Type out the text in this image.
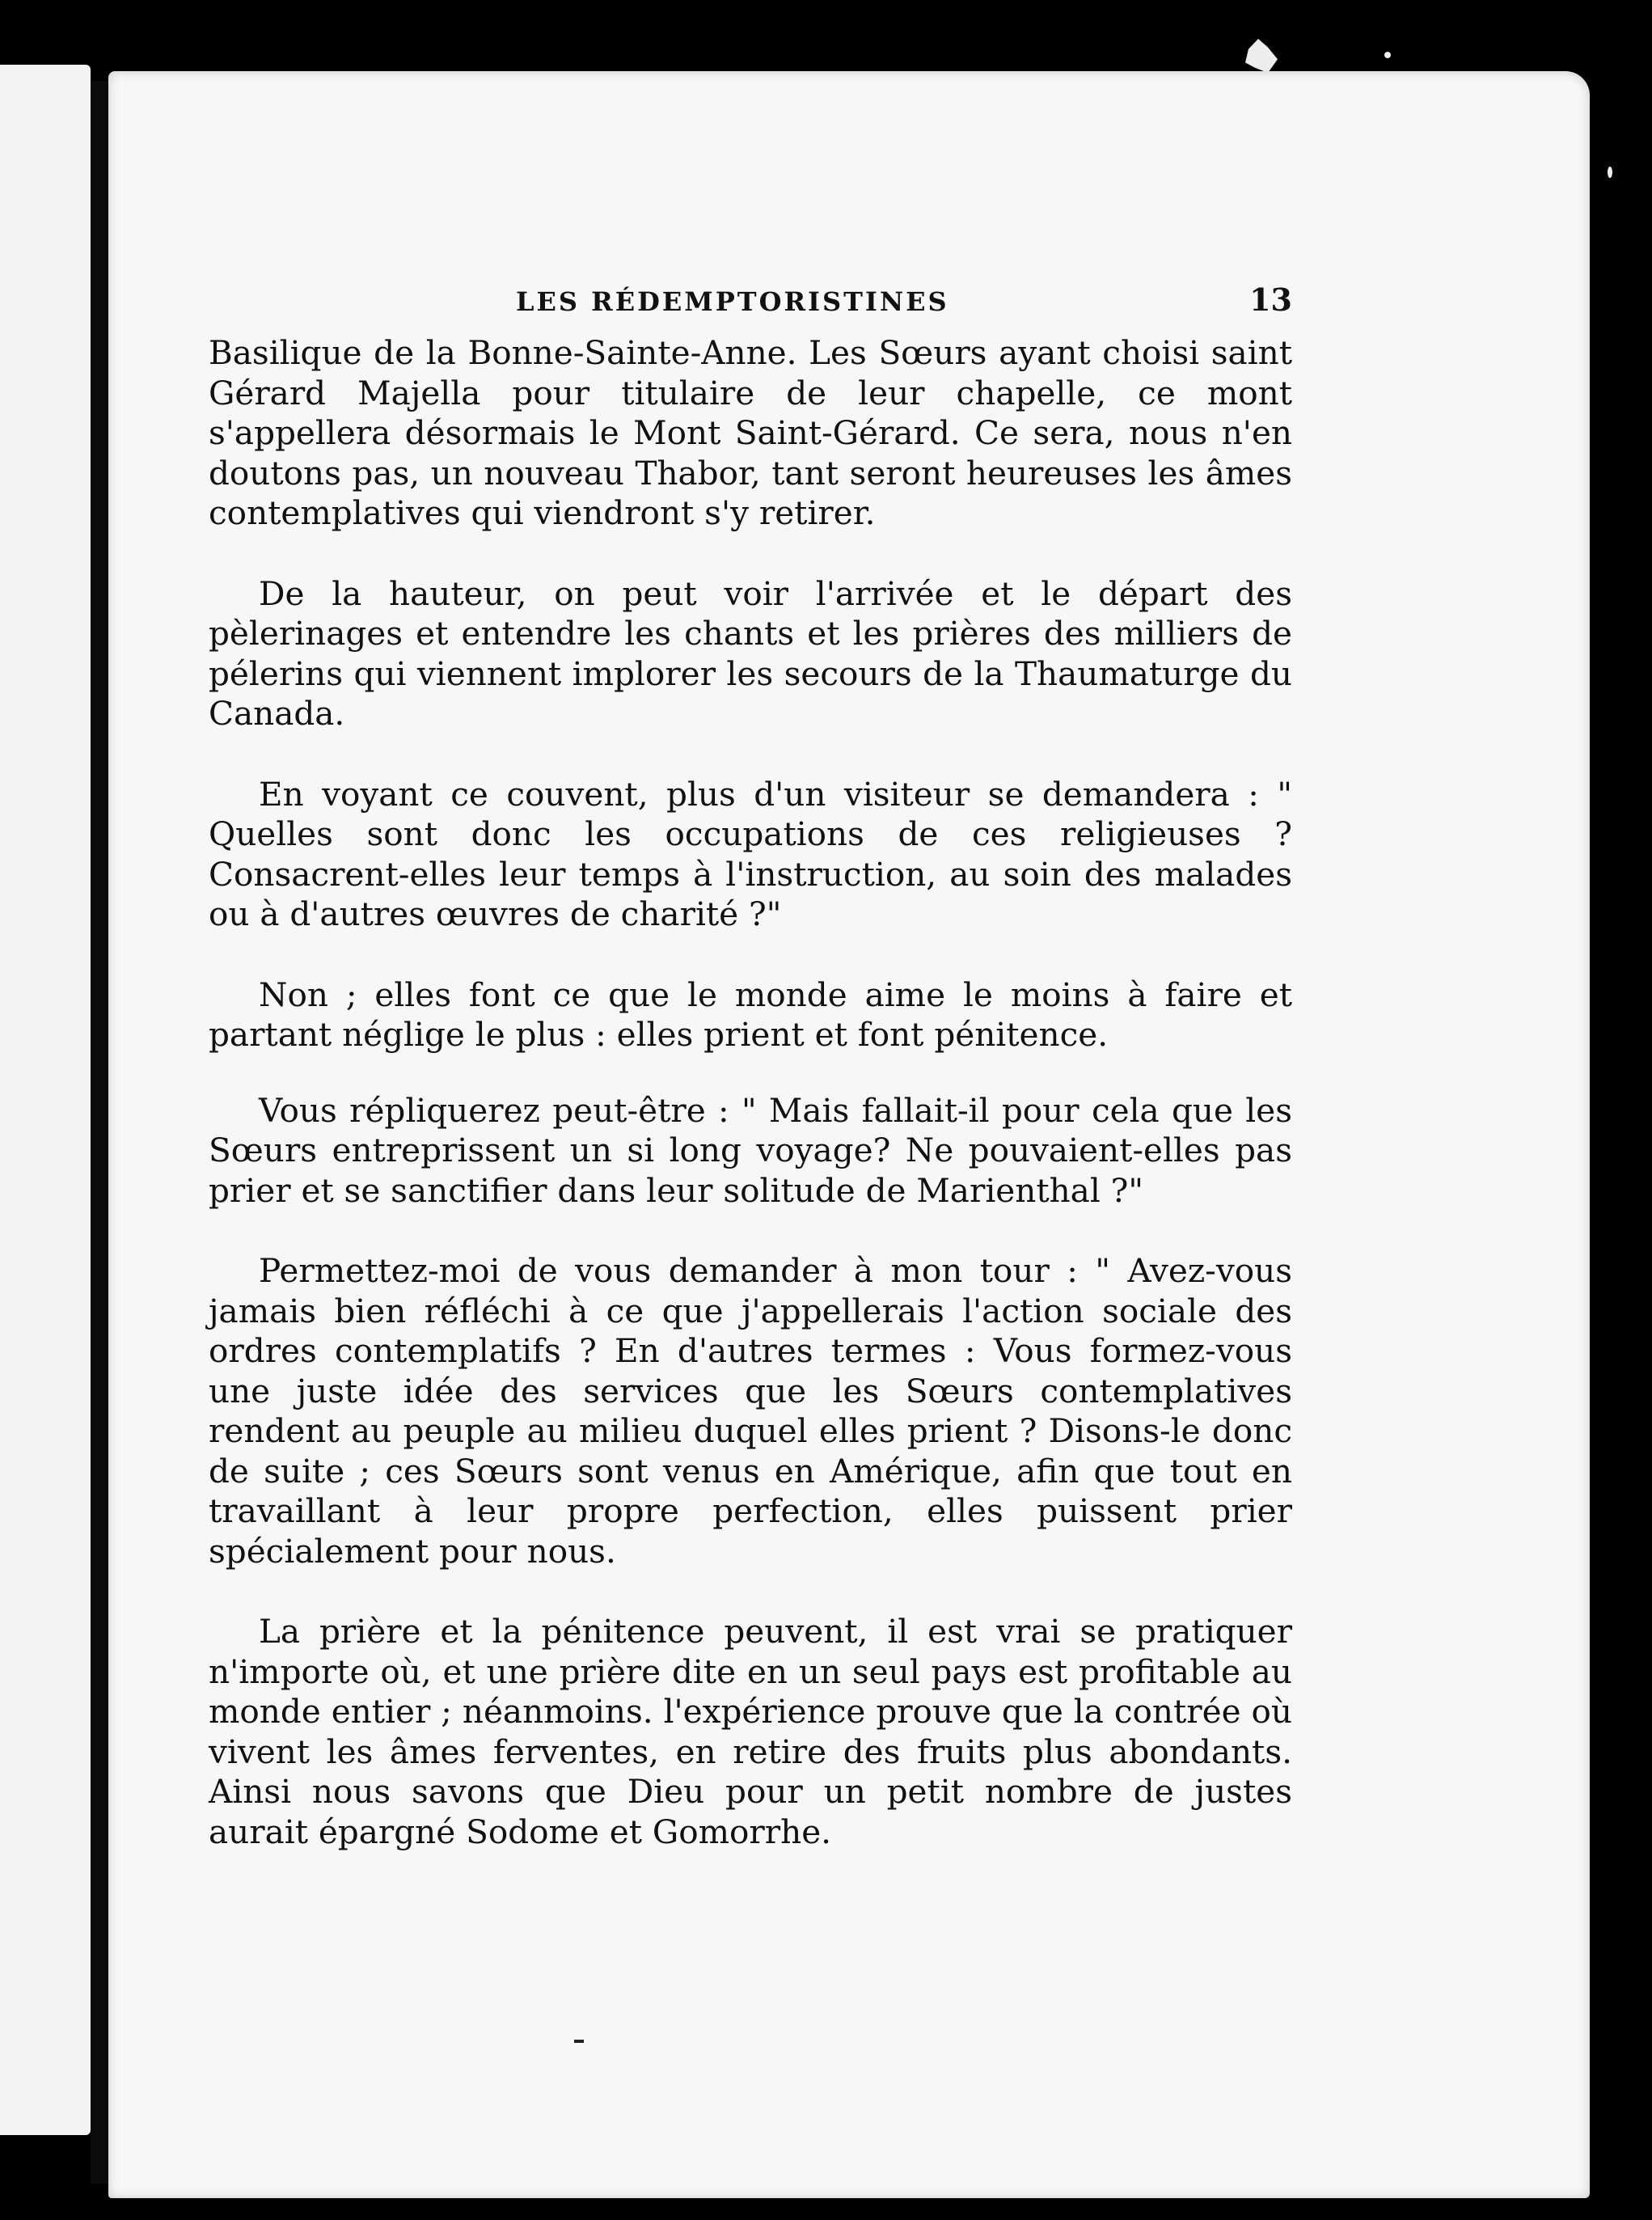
LES RÉDEMPTORISTINES	13

Basilique de la Bonne-Sainte-Anne. Les Sœurs ayant choisi saint Gérard Majella pour titulaire de leur chapelle, ce mont s'appellera désormais le Mont Saint-Gérard. Ce sera, nous n'en doutons pas, un nouveau Thabor, tant seront heureuses les âmes contemplatives qui viendront s'y retirer.

De la hauteur, on peut voir l'arrivée et le départ des pèlerinages et entendre les chants et les prières des milliers de pélerins qui viennent implorer les secours de la Thaumaturge du Canada.

En voyant ce couvent, plus d'un visiteur se demandera : " Quelles sont donc les occupations de ces religieuses ? Consacrent-elles leur temps à l'instruction, au soin des malades ou à d'autres œuvres de charité ?"

Non ; elles font ce que le monde aime le moins à faire et partant néglige le plus : elles prient et font pénitence.

Vous répliquerez peut-être : " Mais fallait-il pour cela que les Sœurs entreprissent un si long voyage? Ne pouvaient-elles pas prier et se sanctifier dans leur solitude de Marienthal ?"

Permettez-moi de vous demander à mon tour : " Avez-vous jamais bien réfléchi à ce que j'appellerais l'action sociale des ordres contemplatifs ? En d'autres termes : Vous formez-vous une juste idée des services que les Sœurs contemplatives rendent au peuple au milieu duquel elles prient ? Disons-le donc de suite ; ces Sœurs sont venus en Amérique, afin que tout en travaillant à leur propre perfection, elles puissent prier spécialement pour nous.

La prière et la pénitence peuvent, il est vrai se pratiquer n'importe où, et une prière dite en un seul pays est profitable au monde entier ; néanmoins. l'expérience prouve que la contrée où vivent les âmes ferventes, en retire des fruits plus abondants. Ainsi nous savons que Dieu pour un petit nombre de justes aurait épargné Sodome et Gomorrhe.
